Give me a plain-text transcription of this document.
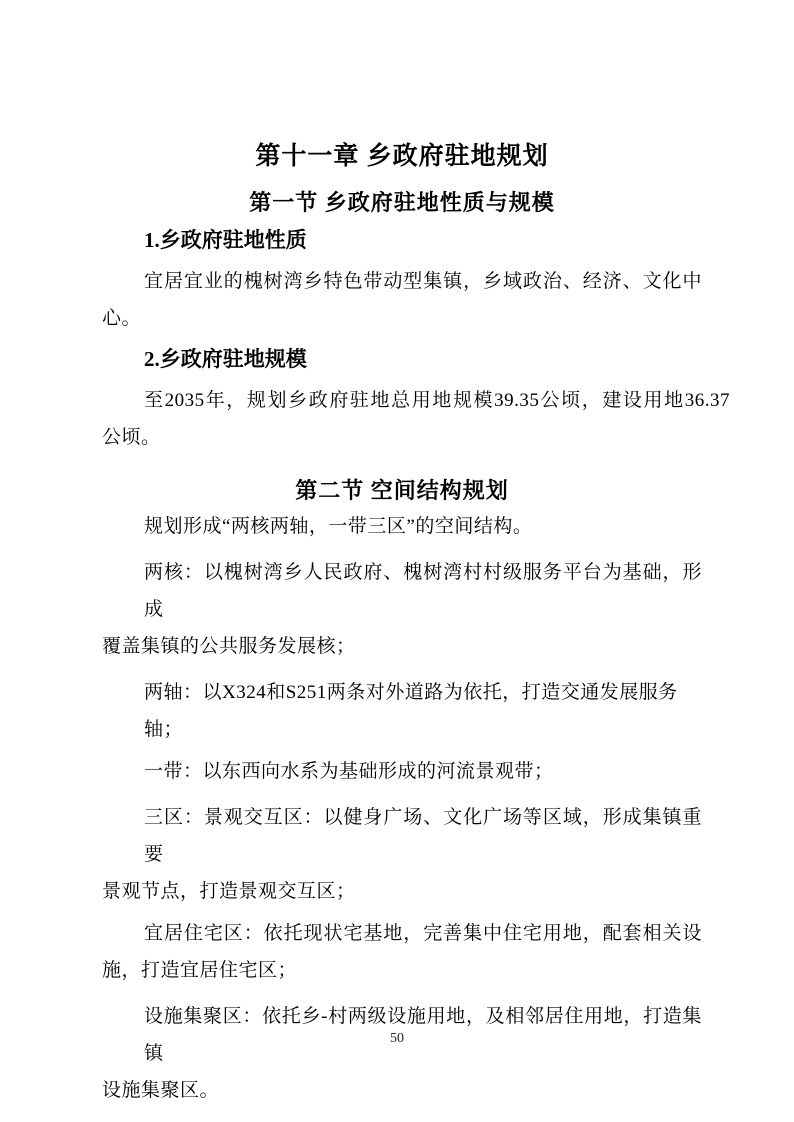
第十一章 乡政府驻地规划
第一节 乡政府驻地性质与规模
1.乡政府驻地性质
宜居宜业的槐树湾乡特色带动型集镇，乡域政治、经济、文化中
心。
2.乡政府驻地规模
至2035年，规划乡政府驻地总用地规模39.35公顷，建设用地36.37
公顷。
第二节 空间结构规划
规划形成“两核两轴，一带三区”的空间结构。
两核：以槐树湾乡人民政府、槐树湾村村级服务平台为基础，形成
覆盖集镇的公共服务发展核；
两轴：以X324和S251两条对外道路为依托，打造交通发展服务轴；
一带：以东西向水系为基础形成的河流景观带；
三区：景观交互区：以健身广场、文化广场等区域，形成集镇重要
景观节点，打造景观交互区；
宜居住宅区：依托现状宅基地，完善集中住宅用地，配套相关设
施，打造宜居住宅区；
设施集聚区：依托乡-村两级设施用地，及相邻居住用地，打造集镇
设施集聚区。
50
